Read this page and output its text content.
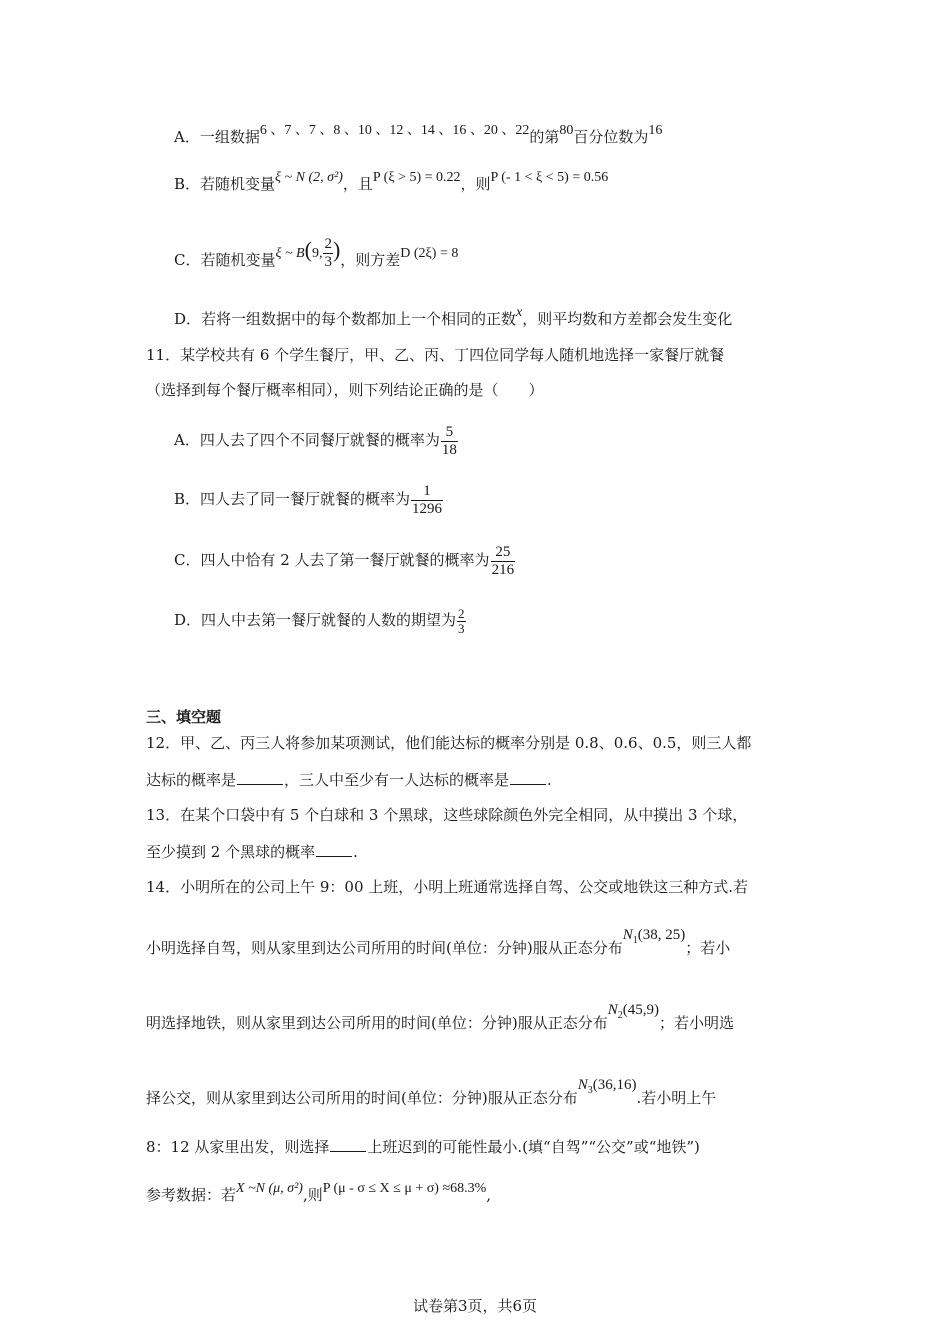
A．一组数据6 、7 、7 、8 、10 、12 、14 、16 、20 、22的第80百分位数为16
B．若随机变量ξ ~ N (2, σ²)，且P (ξ > 5) = 0.22，则P (- 1 < ξ < 5) = 0.56
C．若随机变量ξ ~ B(9, $\frac{2}{3}$ )，则方差D (2ξ) = 8
D．若将一组数据中的每个数都加上一个相同的正数x，则平均数和方差都会发生变化
11．某学校共有 6 个学生餐厅，甲、乙、丙、丁四位同学每人随机地选择一家餐厅就餐
（选择到每个餐厅概率相同），则下列结论正确的是（　　）
A．四人去了四个不同餐厅就餐的概率为 $\frac{5}{18}$
B．四人去了同一餐厅就餐的概率为 $\frac{1}{1296}$
C．四人中恰有 2 人去了第一餐厅就餐的概率为 $\frac{25}{216}$
D．四人中去第一餐厅就餐的人数的期望为 $\frac{2}{3}$
三、填空题
12．甲、乙、丙三人将参加某项测试，他们能达标的概率分别是 0.8、0.6、0.5，则三人都
达标的概率是	，三人中至少有一人达标的概率是	.
13．在某个口袋中有 5 个白球和 3 个黑球，这些球除颜色外完全相同，从中摸出 3 个球，
至少摸到 2 个黑球的概率	.
14．小明所在的公司上午 9：00 上班，小明上班通常选择自驾、公交或地铁这三种方式.若
小明选择自驾，则从家里到达公司所用的时间(单位：分钟)服从正态分布$N_1(38$, 25)；若小
明选择地铁，则从家里到达公司所用的时间(单位：分钟)服从正态分布$N_2(45,9)$；若小明选
择公交，则从家里到达公司所用的时间(单位：分钟)服从正态分布$N_3(36,16)$.若小明上午
8：12 从家里出发，则选择	上班迟到的可能性最小.(填“自驾”“公交”或“地铁”)
参考数据：若X ~N (μ, σ²),则P (μ - σ ≤ X ≤ μ + σ) ≈68.3%,
试卷第3页，共6页
